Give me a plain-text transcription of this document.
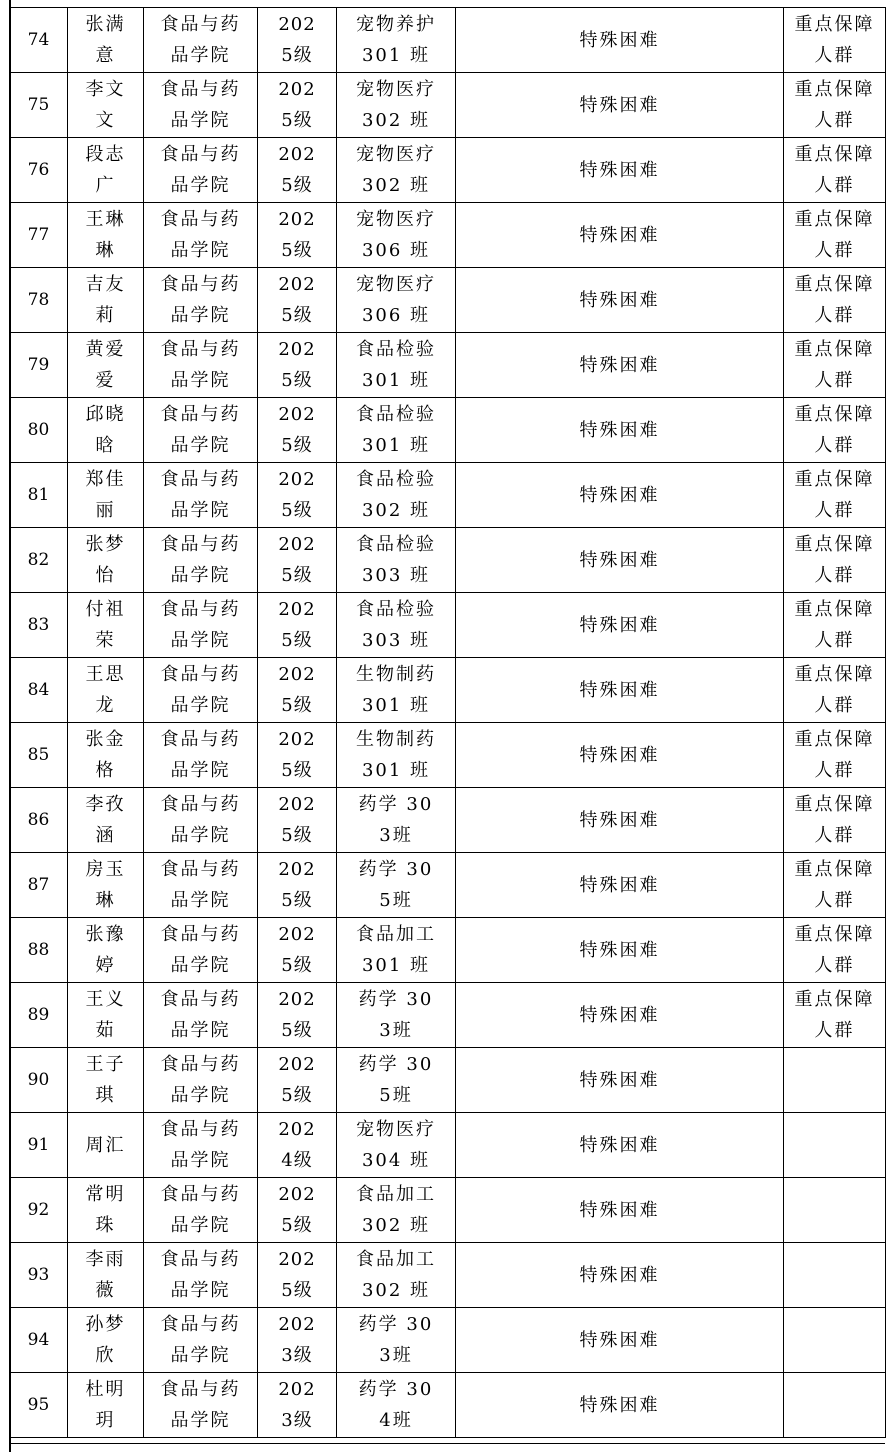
74	张满意	食品与药品学院	2025级	宠物养护301 班	特殊困难	重点保障人群
75	李文文	食品与药品学院	2025级	宠物医疗302 班	特殊困难	重点保障人群
76	段志广	食品与药品学院	2025级	宠物医疗302 班	特殊困难	重点保障人群
77	王琳琳	食品与药品学院	2025级	宠物医疗306 班	特殊困难	重点保障人群
78	吉友莉	食品与药品学院	2025级	宠物医疗306 班	特殊困难	重点保障人群
79	黄爱爱	食品与药品学院	2025级	食品检验301 班	特殊困难	重点保障人群
80	邱晓晗	食品与药品学院	2025级	食品检验301 班	特殊困难	重点保障人群
81	郑佳丽	食品与药品学院	2025级	食品检验302 班	特殊困难	重点保障人群
82	张梦怡	食品与药品学院	2025级	食品检验303 班	特殊困难	重点保障人群
83	付祖荣	食品与药品学院	2025级	食品检验303 班	特殊困难	重点保障人群
84	王思龙	食品与药品学院	2025级	生物制药301 班	特殊困难	重点保障人群
85	张金格	食品与药品学院	2025级	生物制药301 班	特殊困难	重点保障人群
86	李孜涵	食品与药品学院	2025级	药学 303班	特殊困难	重点保障人群
87	房玉琳	食品与药品学院	2025级	药学 305班	特殊困难	重点保障人群
88	张豫婷	食品与药品学院	2025级	食品加工301 班	特殊困难	重点保障人群
89	王义茹	食品与药品学院	2025级	药学 303班	特殊困难	重点保障人群
90	王子琪	食品与药品学院	2025级	药学 305班	特殊困难	
91	周汇	食品与药品学院	2024级	宠物医疗304 班	特殊困难	
92	常明珠	食品与药品学院	2025级	食品加工302 班	特殊困难	
93	李雨薇	食品与药品学院	2025级	食品加工302 班	特殊困难	
94	孙梦欣	食品与药品学院	2023级	药学 303班	特殊困难	
95	杜明玥	食品与药品学院	2023级	药学 304班	特殊困难	
